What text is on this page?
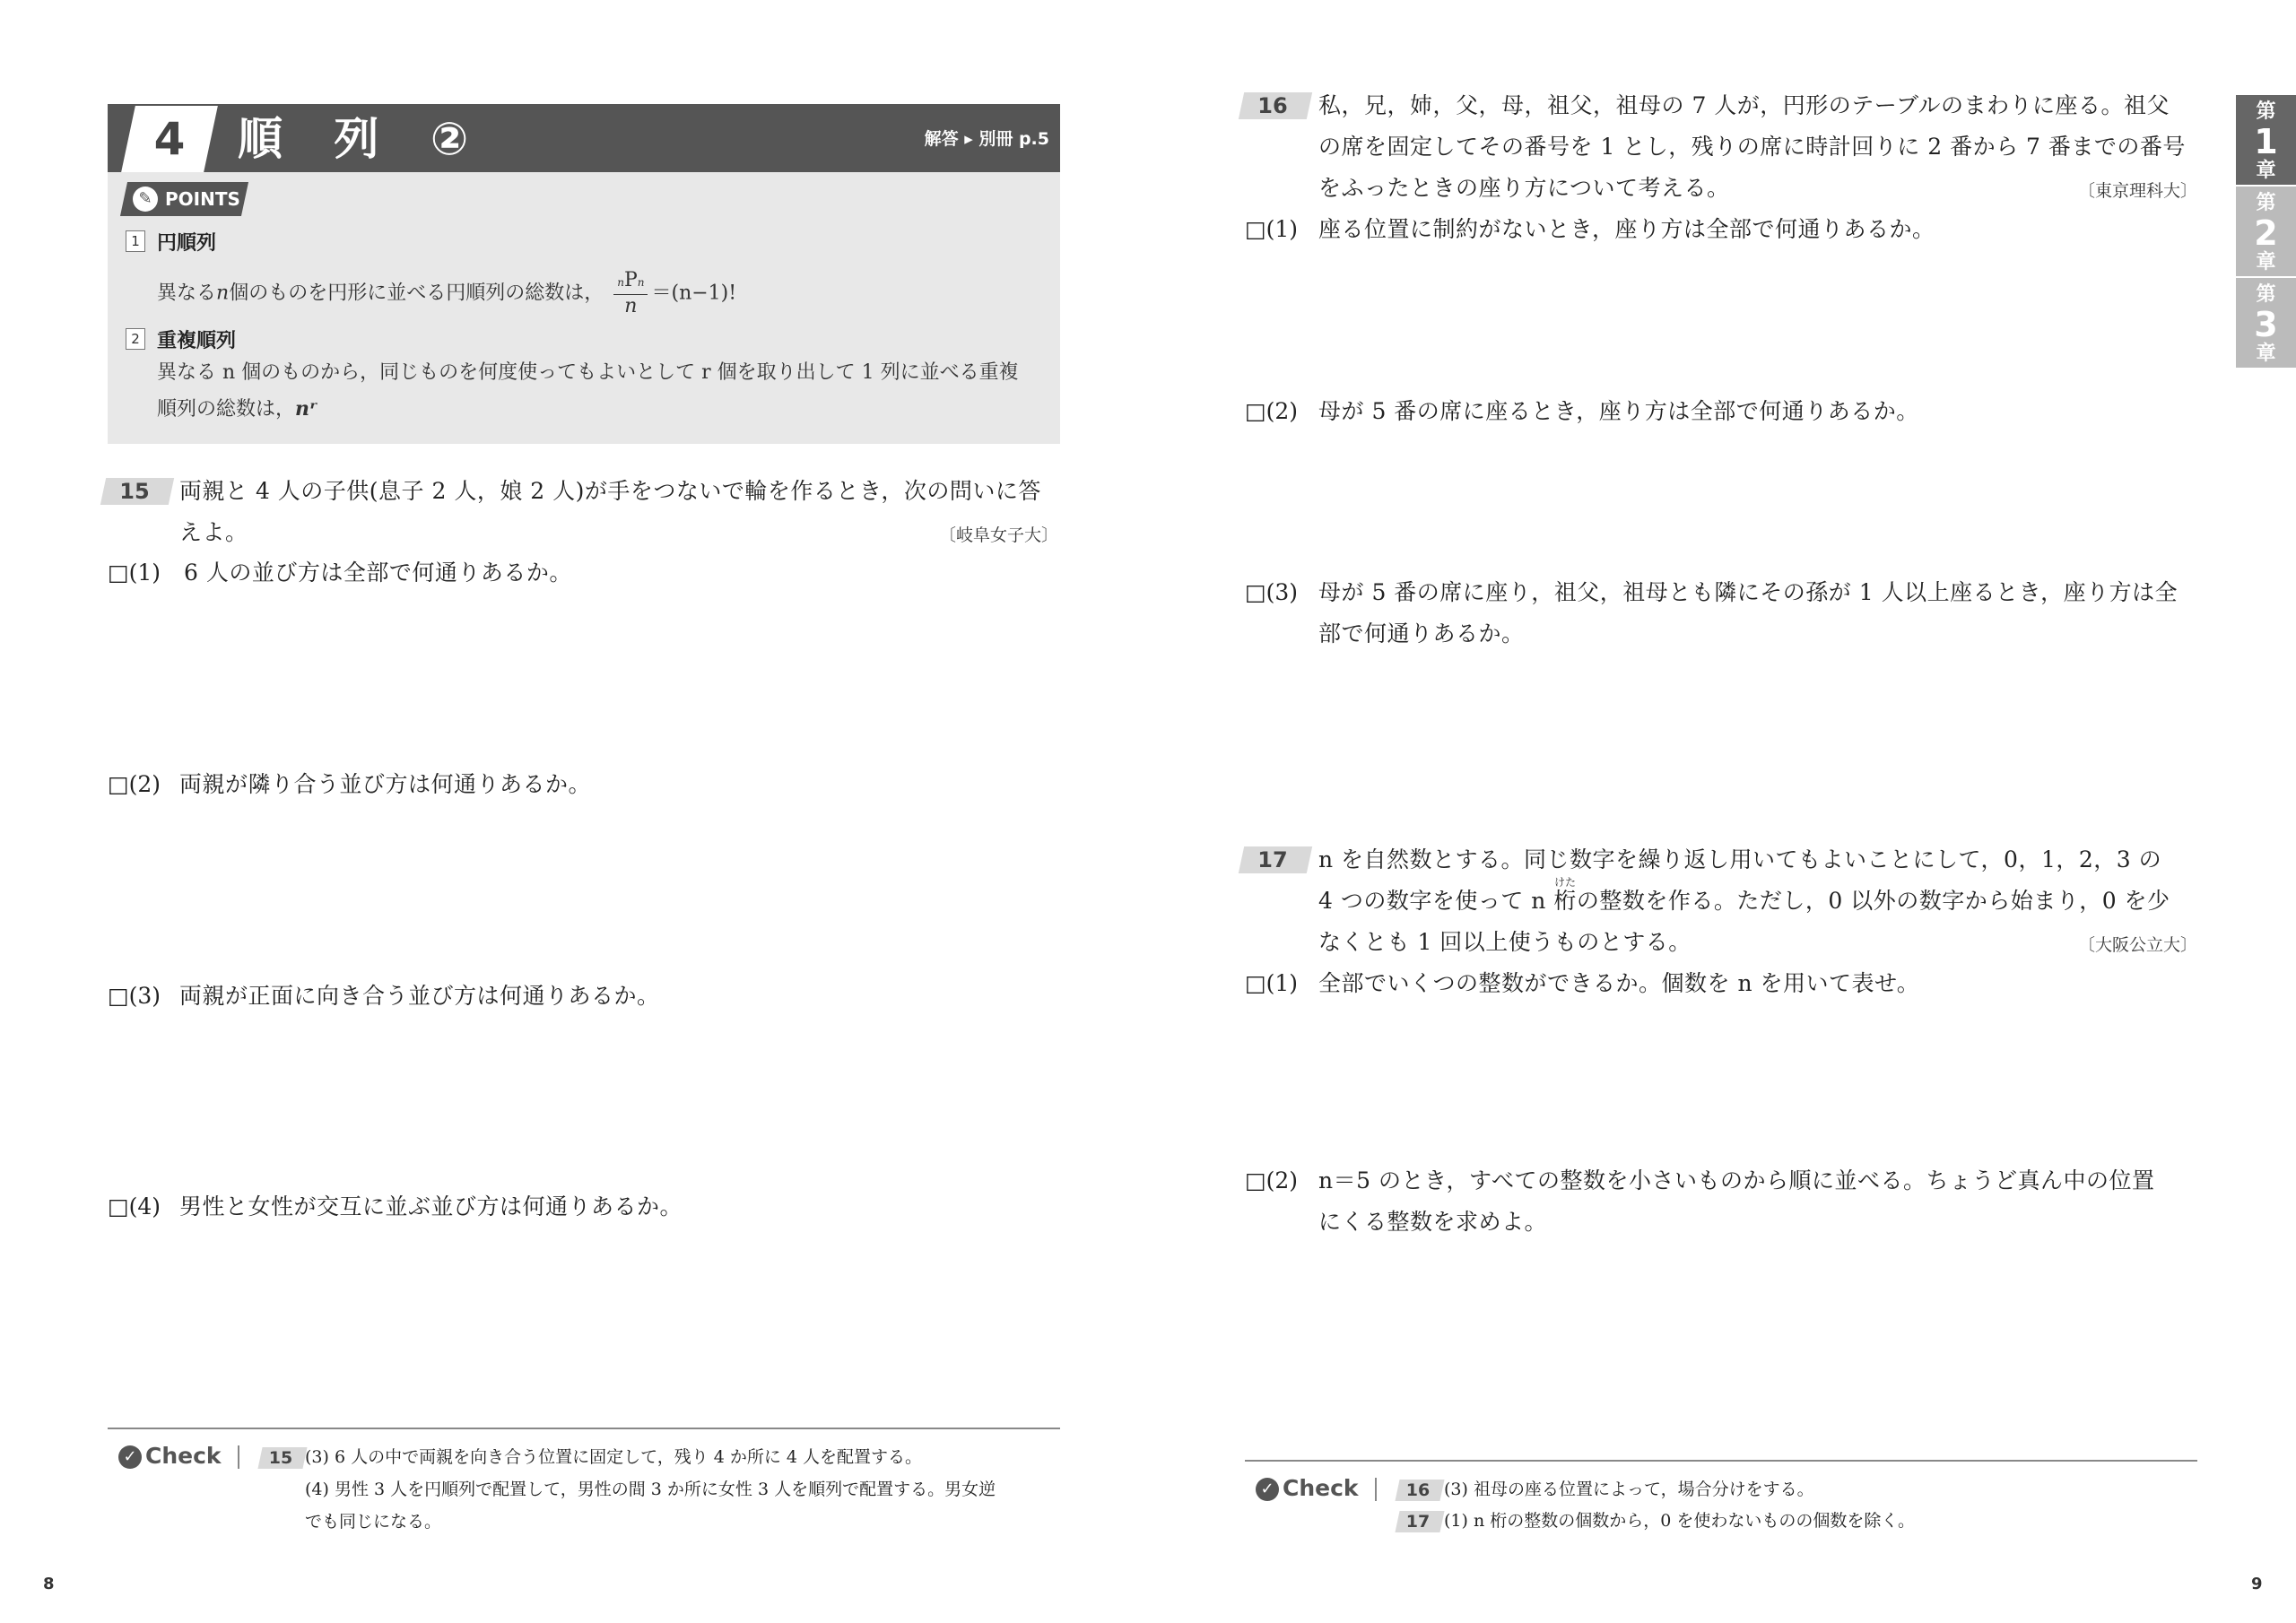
4	順 列 ②	解答 ▸ 別冊 p.5
✎ POINTS
1 円順列
異なるn個のものを円形に並べる円順列の総数は， $\frac{\text{nPn}}{n} =(n-1)$!
2 重複順列
異なる n 個のものから，同じものを何度使ってもよいとして r 個を取り出して 1 列に並べる重複
順列の総数は，nʳ
15	両親と 4 人の子供(息子 2 人，娘 2 人)が手をつないで輪を作るとき，次の問いに答
えよ。	〔岐阜女子大〕
□(1)	6 人の並び方は全部で何通りあるか。
□(2) 両親が隣り合う並び方は何通りあるか。
□(3) 両親が正面に向き合う並び方は何通りあるか。
□(4) 男性と女性が交互に並ぶ並び方は何通りあるか。
✓ Check	15 (3) 6 人の中で両親を向き合う位置に固定して，残り 4 か所に 4 人を配置する。
(4) 男性 3 人を円順列で配置して，男性の間 3 か所に女性 3 人を順列で配置する。男女逆
でも同じになる。
8
16	私，兄，姉，父，母，祖父，祖母の 7 人が，円形のテーブルのまわりに座る。祖父
の席を固定してその番号を 1 とし，残りの席に時計回りに 2 番から 7 番までの番号
をふったときの座り方について考える。	〔東京理科大〕
□(1) 座る位置に制約がないとき，座り方は全部で何通りあるか。
□(2) 母が 5 番の席に座るとき，座り方は全部で何通りあるか。
□(3) 母が 5 番の席に座り，祖父，祖母とも隣にその孫が 1 人以上座るとき，座り方は全
部で何通りあるか。
17	n を自然数とする。同じ数字を繰り返し用いてもよいことにして，0，1，2，3 の
けた
4 つの数字を使って n 桁の整数を作る。ただし，0 以外の数字から始まり，0 を少
なくとも 1 回以上使うものとする。	〔大阪公立大〕
□(1) 全部でいくつの整数ができるか。個数を n を用いて表せ。
□(2) n＝5 のとき，すべての整数を小さいものから順に並べる。ちょうど真ん中の位置
にくる整数を求めよ。
✓ Check	16 (3) 祖母の座る位置によって，場合分けをする。
17 (1) n 桁の整数の個数から，0 を使わないものの個数を除く。
9
第
1
章
第
2
章
第
3
章
